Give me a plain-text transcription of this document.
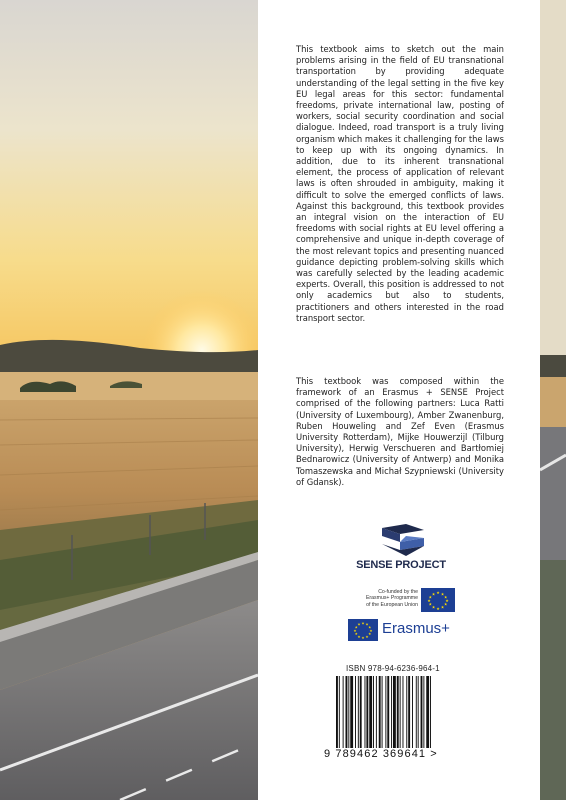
This textbook aims to sketch out the main problems arising in the field of EU transnational transportation by providing adequate understanding of the legal setting in the five key EU legal areas for this sector: fundamental freedoms, private international law, posting of workers, social security coordination and social dialogue. Indeed, road transport is a truly living organism which makes it challenging for the laws to keep up with its ongoing dynamics. In addition, due to its inherent transnational element, the process of application of relevant laws is often shrouded in ambiguity, making it difficult to solve the emerged conflicts of laws. Against this background, this textbook provides an integral vision on the interaction of EU freedoms with social rights at EU level offering a comprehensive and unique in-depth coverage of the most relevant topics and presenting nuanced guidance depicting problem-solving skills which was carefully selected by the leading academic experts. Overall, this position is addressed to not only academics but also to students, practitioners and others interested in the road transport sector.

This textbook was composed within the framework of an Erasmus + SENSE Project comprised of the following partners: Luca Ratti (University of Luxembourg), Amber Zwanenburg, Ruben Houweling and Zef Even (Erasmus University Rotterdam), Mijke Houwerzijl (Tilburg University), Herwig Verschueren and Bartłomiej Bednarowicz (University of Antwerp) and Monika Tomaszewska and Michał Szypniewski (University of Gdansk).

SENSE PROJECT
Co-funded by the
Erasmus+ Programme
of the European Union
★ ★
★
★
★
★
★
★
★
★
★
★
★ ★
★
★
★
★
★
★
★
★
★
★ Erasmus+
ISBN 978-94-6236-964-1
9 789462 369641 >
